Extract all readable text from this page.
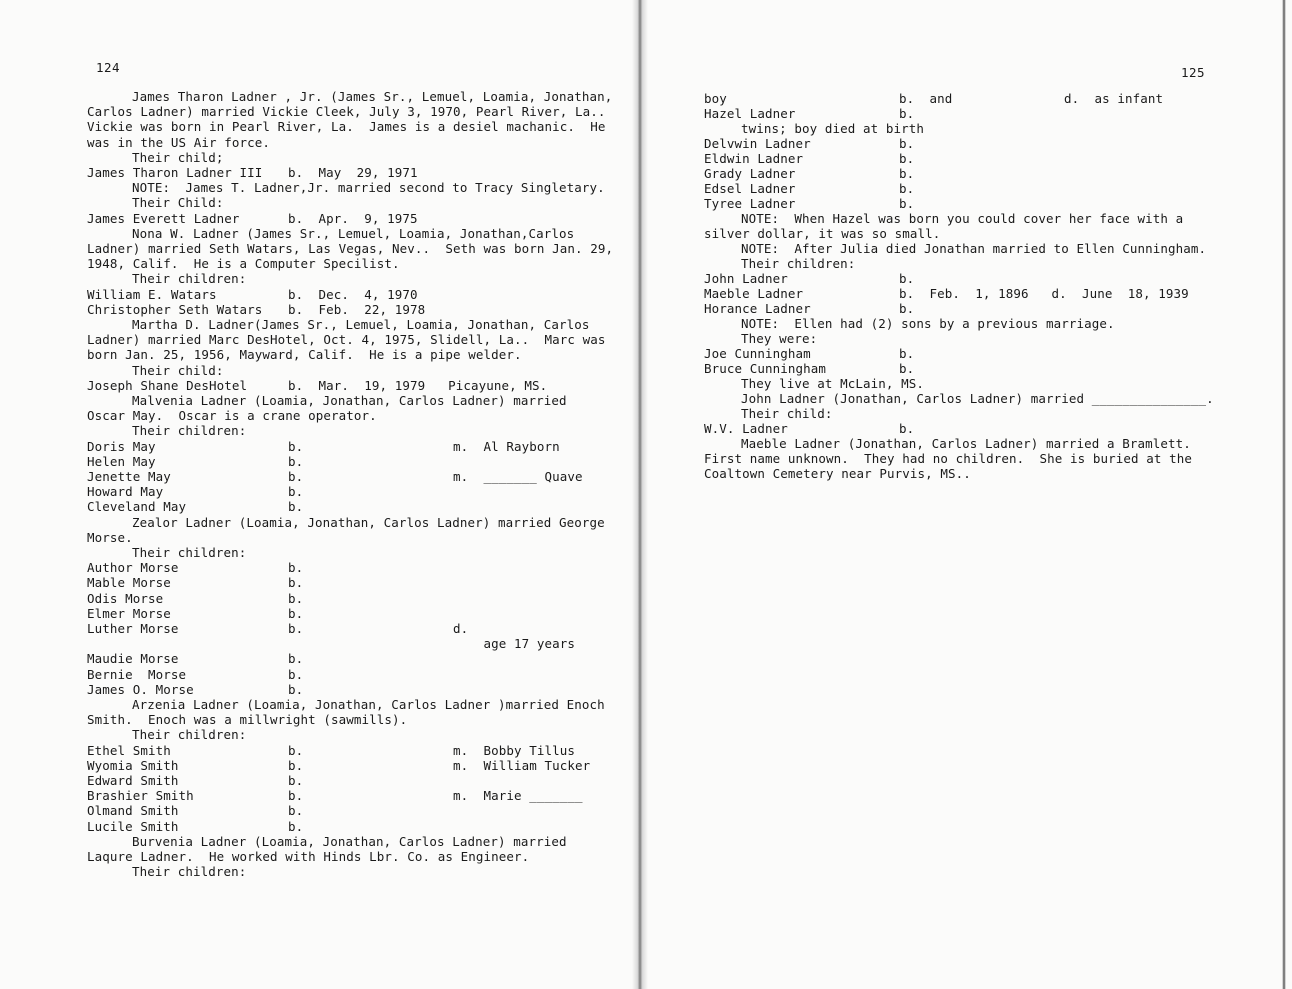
124
James Tharon Ladner , Jr. (James Sr., Lemuel, Loamia, Jonathan,
Carlos Ladner) married Vickie Cleek, July 3, 1970, Pearl River, La..
Vickie was born in Pearl River, La.  James is a desiel machanic.  He
was in the US Air force.
Their child;
James Tharon Ladner III b.  May  29, 1971
NOTE:  James T. Ladner,Jr. married second to Tracy Singletary.
Their Child:
James Everett Ladner	b.  Apr.  9, 1975
Nona W. Ladner (James Sr., Lemuel, Loamia, Jonathan,Carlos
Ladner) married Seth Watars, Las Vegas, Nev..  Seth was born Jan. 29,
1948, Calif.  He is a Computer Specilist.
Their children:
William E. Watars	b.  Dec.  4, 1970
Christopher Seth Watars b.  Feb.  22, 1978
Martha D. Ladner(James Sr., Lemuel, Loamia, Jonathan, Carlos
Ladner) married Marc DesHotel, Oct. 4, 1975, Slidell, La..  Marc was
born Jan. 25, 1956, Mayward, Calif.  He is a pipe welder.
Their child:
Joseph Shane DesHotel	b.  Mar.  19, 1979   Picayune, MS.
Malvenia Ladner (Loamia, Jonathan, Carlos Ladner) married
Oscar May.  Oscar is a crane operator.
Their children:
Doris May	b.	m.  Al Rayborn
Helen May	b.
Jenette May	b.	m.  _______ Quave
Howard May	b.
Cleveland May	b.
Zealor Ladner (Loamia, Jonathan, Carlos Ladner) married George
Morse.
Their children:
Author Morse	b.
Mable Morse	b.
Odis Morse	b.
Elmer Morse	b.
Luther Morse	b.	d.
age 17 years
Maudie Morse	b.
Bernie  Morse	b.
James O. Morse	b.
Arzenia Ladner (Loamia, Jonathan, Carlos Ladner )married Enoch
Smith.  Enoch was a millwright (sawmills).
Their children:
Ethel Smith	b.	m.  Bobby Tillus
Wyomia Smith	b.	m.  William Tucker
Edward Smith	b.
Brashier Smith	b.	m.  Marie _______
Olmand Smith	b.
Lucile Smith	b.
Burvenia Ladner (Loamia, Jonathan, Carlos Ladner) married
Laqure Ladner.  He worked with Hinds Lbr. Co. as Engineer.
Their children:
125
boy	b.  and	d.  as infant
Hazel Ladner	b.
twins; boy died at birth
Delvwin Ladner	b.
Eldwin Ladner	b.
Grady Ladner	b.
Edsel Ladner	b.
Tyree Ladner	b.
NOTE:  When Hazel was born you could cover her face with a
silver dollar, it was so small.
NOTE:  After Julia died Jonathan married to Ellen Cunningham.
Their children:
John Ladner	b.
Maeble Ladner	b.  Feb.  1, 1896   d.  June  18, 1939
Horance Ladner	b.
NOTE:  Ellen had (2) sons by a previous marriage.
They were:
Joe Cunningham	b.
Bruce Cunningham	b.
They live at McLain, MS.
John Ladner (Jonathan, Carlos Ladner) married _______________.
Their child:
W.V. Ladner	b.
Maeble Ladner (Jonathan, Carlos Ladner) married a Bramlett.
First name unknown.  They had no children.  She is buried at the
Coaltown Cemetery near Purvis, MS..
